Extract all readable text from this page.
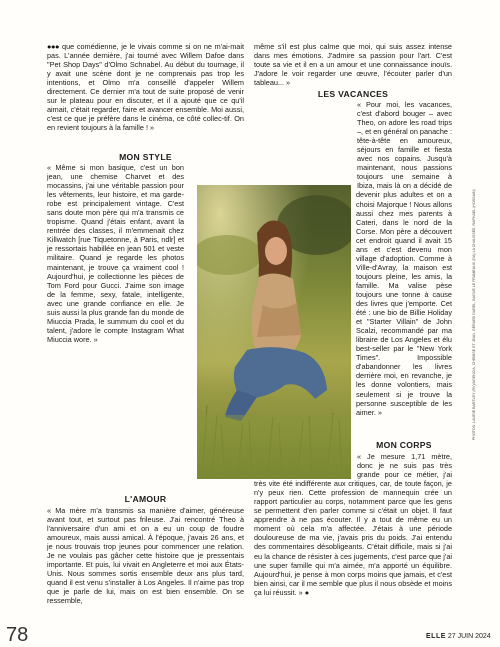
●●● que comédienne, je le vivais comme si on ne m'ai-mait pas. L'année dernière, j'ai tourné avec Willem Dafoe dans "Pet Shop Days" d'Olmo Schnabel. Au début du tournage, il y avait une scène dont je ne comprenais pas trop les intentions, et Olmo m'a conseillé d'appeler Willem directement. Ce dernier m'a tout de suite proposé de venir sur le plateau pour en discuter, et il a ajouté que ce qu'il aimait, c'était regarder, faire et avancer ensemble. Moi aussi, c'est ce que je préfère dans le cinéma, ce côté collec-tif. On en revient toujours à la famille ! »
MON STYLE
« Même si mon basique, c'est un bon jean, une chemise Charvet et des mocassins, j'ai une véritable passion pour les vêtements, leur histoire, et ma garde-robe est principalement vintage. C'est sans doute mon père qui m'a transmis ce tropisme. Quand j'étais enfant, avant la rentrée des classes, il m'emmenait chez Killwatch [rue Tiquetonne, à Paris, ndlr] et je ressortais habillée en jean 501 et veste militaire. Quand je regarde les photos maintenant, je trouve ça vraiment cool ! Aujourd'hui, je collectionne les pièces de Tom Ford pour Gucci. J'aime son image de la femme, sexy, fatale, intelligente, avec une grande confiance en elle. Je suis aussi la plus grande fan du monde de Miuccia Prada, le summum du cool et du talent, j'adore le compte Instagram What Miuccia wore. »
L'AMOUR
« Ma mère m'a transmis sa manière d'aimer, généreuse avant tout, et surtout pas frileuse. J'ai rencontré Theo à l'anniversaire d'un ami et on a eu un coup de foudre amoureux, mais aussi amical. À l'époque, j'avais 26 ans, et je nous trouvais trop jeunes pour commencer une relation. Je ne voulais pas gâcher cette histoire que je pressentais importante. Et puis, lui vivait en Angleterre et moi aux États-Unis. Nous sommes sortis ensemble deux ans plus tard, quand il est venu s'installer à Los Angeles. Il n'aime pas trop que je parle de lui, mais on est bien ensemble. On se ressemble,
même s'il est plus calme que moi, qui suis assez intense dans mes émotions. J'admire sa passion pour l'art. C'est toute sa vie et il en a un amour et une connaissance inouïs. J'adore le voir regarder une œuvre, l'écouter parler d'un tableau... »
LES VACANCES
« Pour moi, les vacances, c'est d'abord bouger – avec Theo, on adore les road trips –, et en général on panache : tête-à-tête en amoureux, séjours en famille et fiesta avec nos copains. Jusqu'à maintenant, nous passions toujours une semaine à Ibiza, mais là on a décidé de devenir plus adultes et on a choisi Majorque ! Nous allons aussi chez mes parents à Cateri, dans le nord de la Corse. Mon père a découvert cet endroit quand il avait 15 ans et c'est devenu mon village d'adoption. Comme à Ville-d'Avray, la maison est toujours pleine, les amis, la famille. Ma valise pèse toujours une tonne à cause des livres que j'emporte. Cet été : une bio de Billie Holiday et "Starter Villain" de John Scalzi, recommandé par ma libraire de Los Angeles et élu best-seller par le "New York Times". Impossible d'abandonner les livres derrière moi, en revanche, je les donne volontiers, mais seulement si je trouve la personne susceptible de les aimer. »
MON CORPS
« Je mesure 1,71 mètre, donc je ne suis pas très grande pour ce métier, j'ai très vite été indifférente aux critiques, car, de toute façon, je n'y peux rien. Cette profession de mannequin crée un rapport particulier au corps, notamment parce que les gens se permettent d'en parler comme si c'était un objet. Il faut apprendre à ne pas écouter. Il y a tout de même eu un moment où cela m'a affectée. J'étais à une période douloureuse de ma vie, j'avais pris du poids. J'ai entendu des commentaires désobligeants. C'était difficile, mais si j'ai eu la chance de résister à ces jugements, c'est parce que j'ai une super famille qui m'a aimée, m'a apporté un équilibre. Aujourd'hui, je pense à mon corps moins que jamais, et c'est bien ainsi, car il me semble que plus il nous obsède et moins ça lui réussit. » ●
PHOTOS: LAURIE BARTLEY (RV)/AGENCIA, CHEMISE ET JEAN, GÉRARD DAREL, BAGUE LE FRAMEAUX (DA) LA CHAUSSÉE, RAPHAEL (HOSSAIN)
78	ELLE 27 JUIN 2024
